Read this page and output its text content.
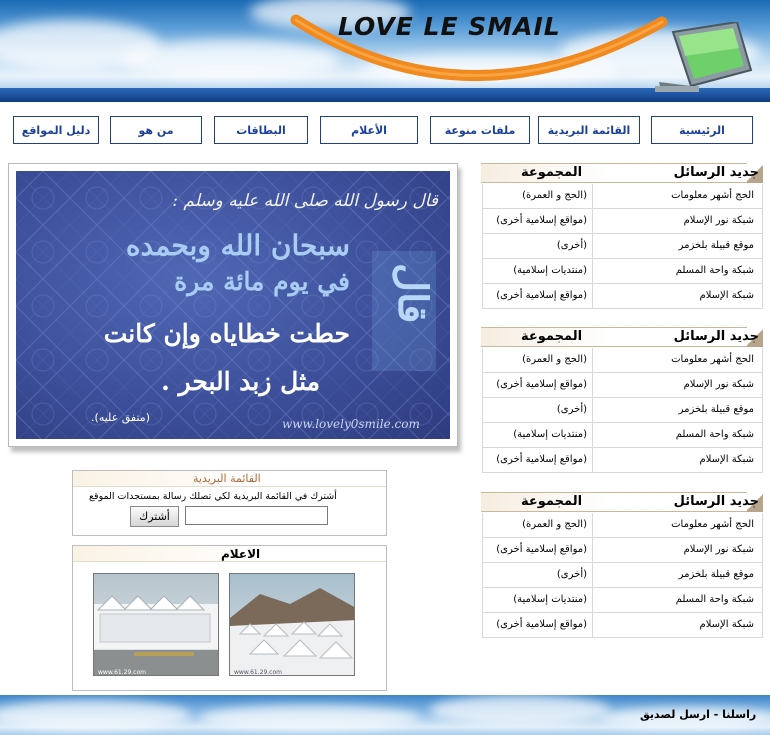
LOVE LE SMAIL
الرئيسية
القائمة البريدية
ملفات منوعة
الأعلام
البطاقات
من هو
دليل المواقع
قال رسول الله صلى الله عليه وسلم :
سبحان الله وبحمده
في يوم مائة مرة
حطت خطاياه وإن كانت
مثل زبد البحر .
(متفق عليه).
قال
www.lovely0smile.com
جديد الرسائل
المجموعة
الحج أشهر معلومات
(الحج و العمرة)
شبكة نور الإسلام
(مواقع إسلامية أخرى)
موقع قبيلة بلخزمر
(أخرى)
شبكة واحة المسلم
(منتديات إسلامية)
شبكة الإسلام
(مواقع إسلامية أخرى)
جديد الرسائل
المجموعة
الحج أشهر معلومات
(الحج و العمرة)
شبكة نور الإسلام
(مواقع إسلامية أخرى)
موقع قبيلة بلخزمر
(أخرى)
شبكة واحة المسلم
(منتديات إسلامية)
شبكة الإسلام
(مواقع إسلامية أخرى)
جديد الرسائل
المجموعة
الحج أشهر معلومات
(الحج و العمرة)
شبكة نور الإسلام
(مواقع إسلامية أخرى)
موقع قبيلة بلخزمر
(أخرى)
شبكة واحة المسلم
(منتديات إسلامية)
شبكة الإسلام
(مواقع إسلامية أخرى)
القائمة البريدية
أشترك في القائمة البريدية لكي تصلك رسالة بمستجدات الموقع
أشترك
الاعلام
www.61.29.com	www.61.29.com
راسلنا - ارسل لصديق
